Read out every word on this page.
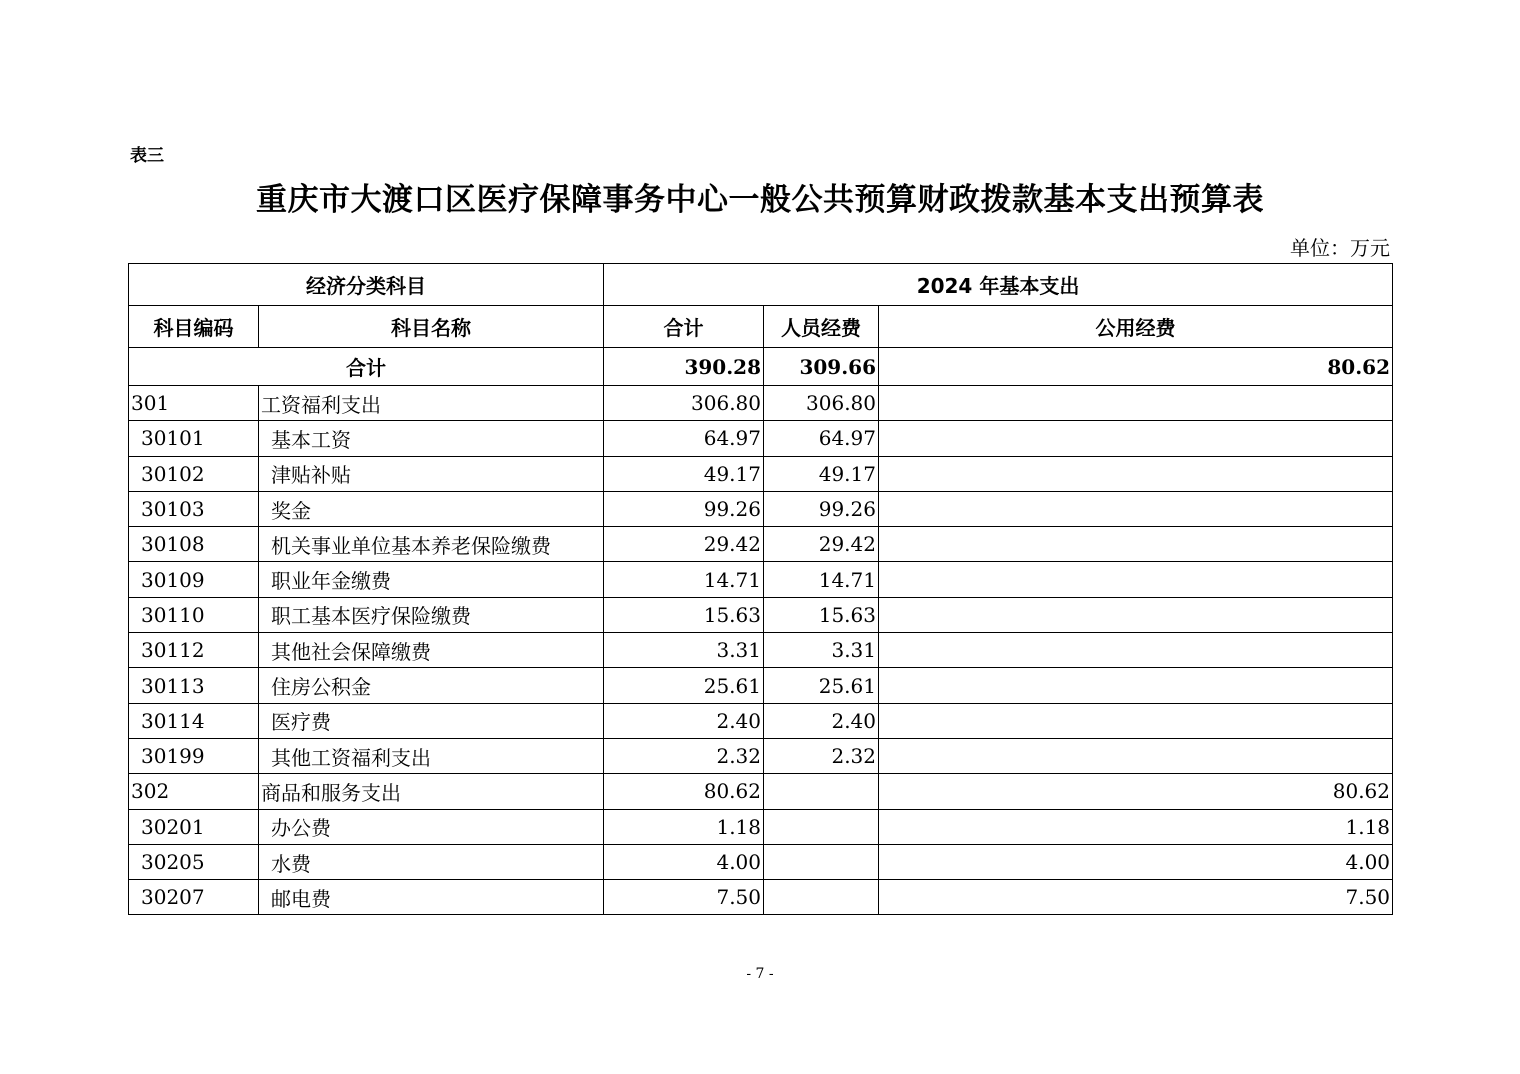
表三
重庆市大渡口区医疗保障事务中心一般公共预算财政拨款基本支出预算表
单位：万元
经济分类科目		2024 年基本支出		
科目编码	科目名称	合计	人员经费	公用经费
合计		390.28	309.66	80.62
301	工资福利支出	306.80	306.80	
30101	基本工资	64.97	64.97	
30102	津贴补贴	49.17	49.17	
30103	奖金	99.26	99.26	
30108	机关事业单位基本养老保险缴费	29.42	29.42	
30109	职业年金缴费	14.71	14.71	
30110	职工基本医疗保险缴费	15.63	15.63	
30112	其他社会保障缴费	3.31	3.31	
30113	住房公积金	25.61	25.61	
30114	医疗费	2.40	2.40	
30199	其他工资福利支出	2.32	2.32	
302	商品和服务支出	80.62		80.62
30201	办公费	1.18		1.18
30205	水费	4.00		4.00
30207	邮电费	7.50		7.50
- 7 -
